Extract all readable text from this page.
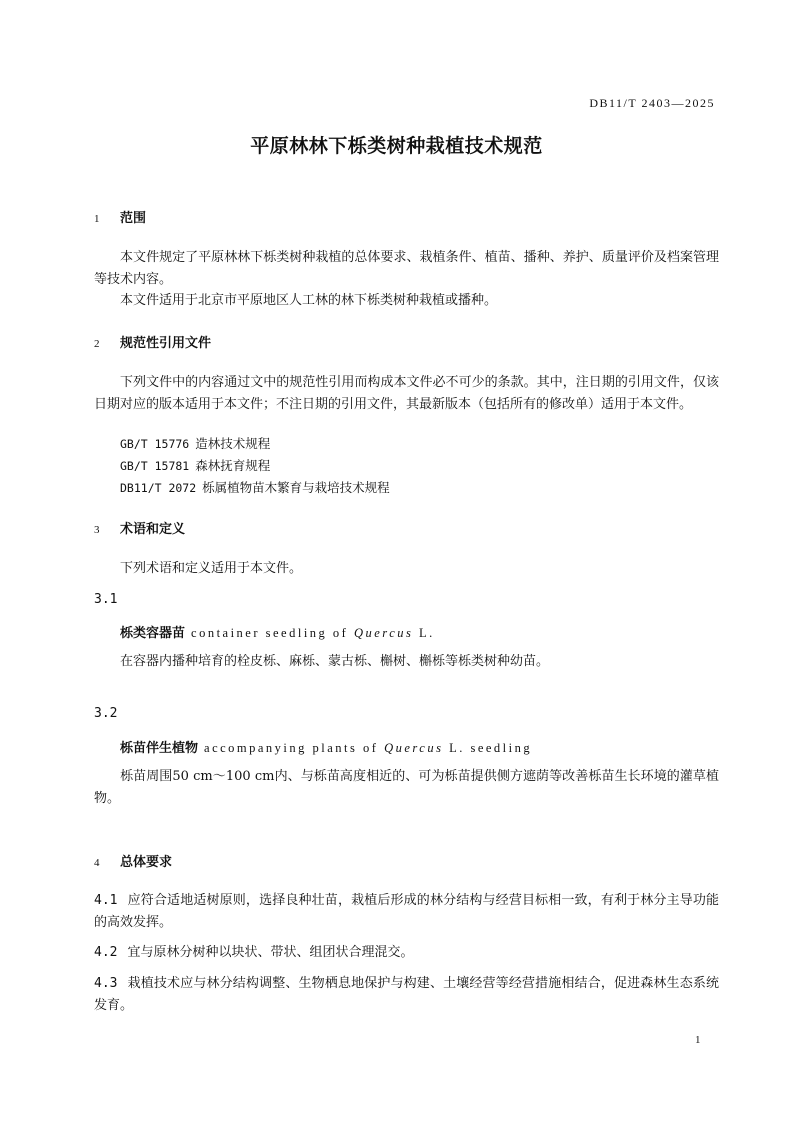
DB11/T 2403—2025
平原林林下栎类树种栽植技术规范
1 范围
本文件规定了平原林林下栎类树种栽植的总体要求、栽植条件、植苗、播种、养护、质量评价及档案管理等技术内容。
本文件适用于北京市平原地区人工林的林下栎类树种栽植或播种。
2 规范性引用文件
下列文件中的内容通过文中的规范性引用而构成本文件必不可少的条款。其中，注日期的引用文件，仅该日期对应的版本适用于本文件；不注日期的引用文件，其最新版本（包括所有的修改单）适用于本文件。
GB/T 15776 造林技术规程
GB/T 15781 森林抚育规程
DB11/T 2072 栎属植物苗木繁育与栽培技术规程
3 术语和定义
下列术语和定义适用于本文件。
3.1
栎类容器苗 container seedling of Quercus L.
在容器内播种培育的栓皮栎、麻栎、蒙古栎、槲树、槲栎等栎类树种幼苗。
3.2
栎苗伴生植物 accompanying plants of Quercus L. seedling
栎苗周围50 cm～100 cm内、与栎苗高度相近的、可为栎苗提供侧方遮荫等改善栎苗生长环境的灌草植物。
4 总体要求
4.1 应符合适地适树原则，选择良种壮苗，栽植后形成的林分结构与经营目标相一致，有利于林分主导功能的高效发挥。
4.2 宜与原林分树种以块状、带状、组团状合理混交。
4.3 栽植技术应与林分结构调整、生物栖息地保护与构建、土壤经营等经营措施相结合，促进森林生态系统发育。
1
